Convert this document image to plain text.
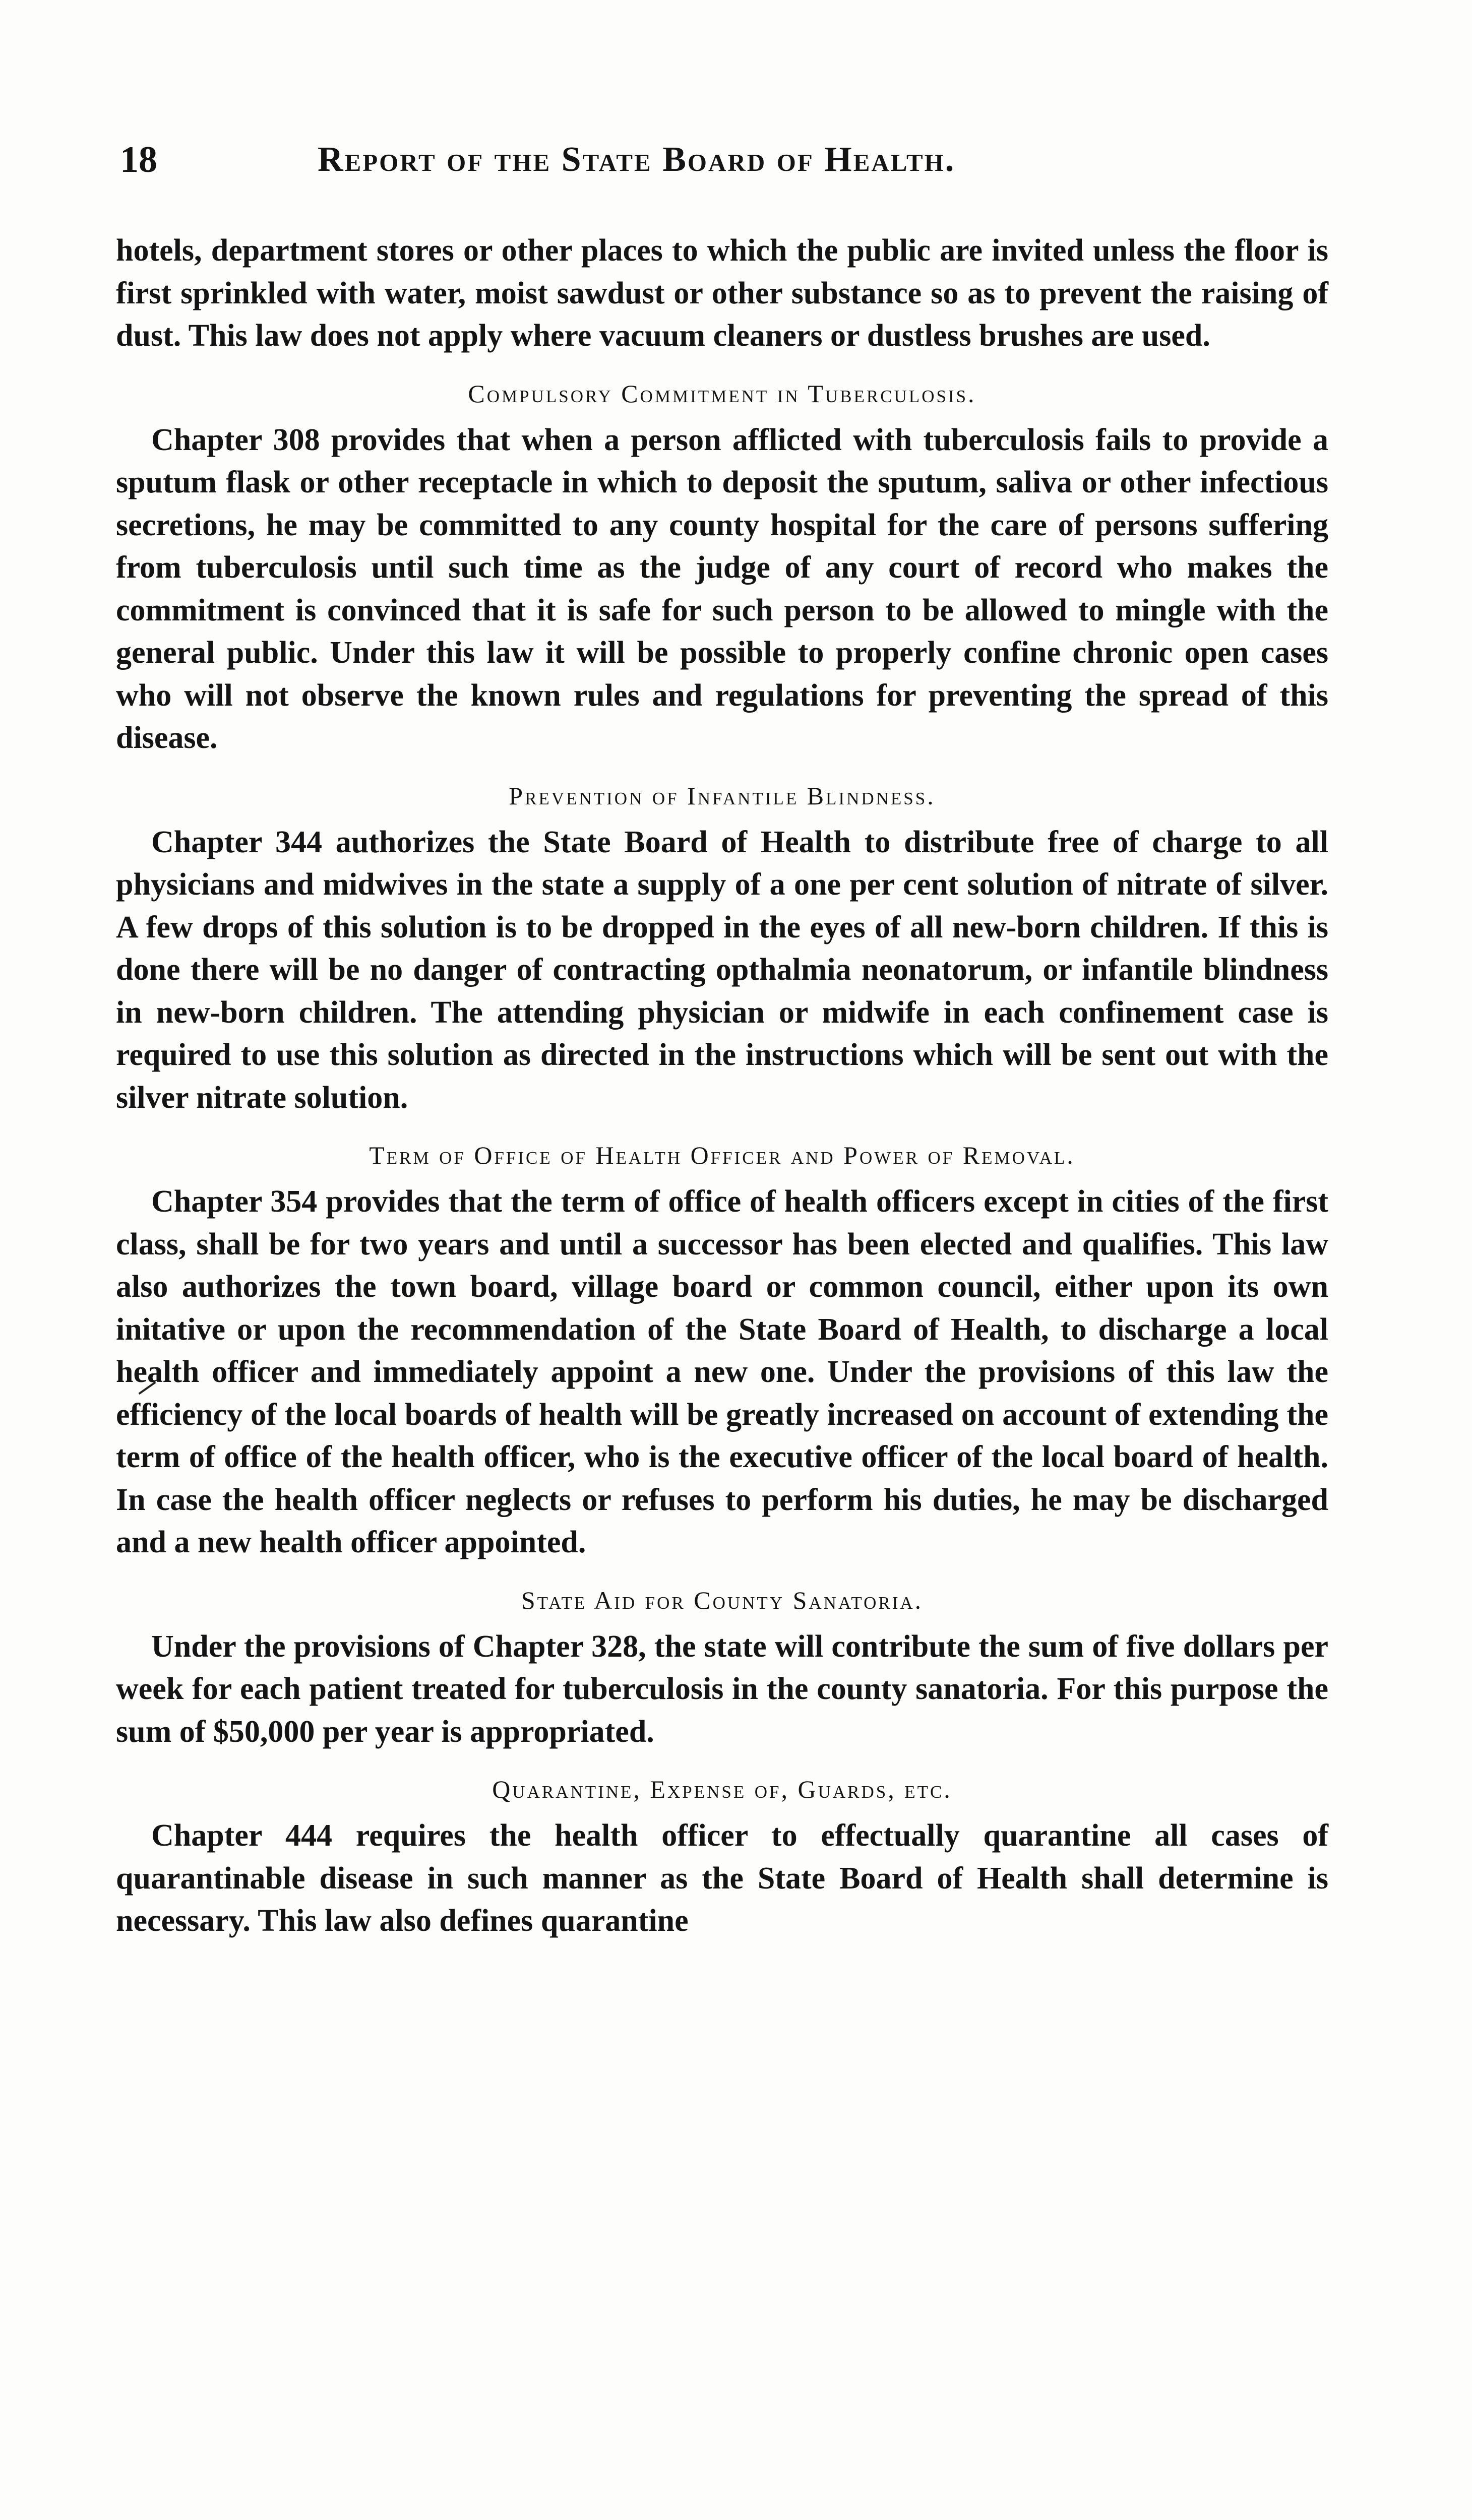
18	Report of the State Board of Health.

hotels, department stores or other places to which the public are invited unless the floor is first sprinkled with water, moist sawdust or other substance so as to prevent the raising of dust. This law does not apply where vacuum cleaners or dustless brushes are used.

Compulsory Commitment in Tuberculosis.

Chapter 308 provides that when a person afflicted with tuberculosis fails to provide a sputum flask or other receptacle in which to deposit the sputum, saliva or other infectious secretions, he may be committed to any county hospital for the care of persons suffering from tuberculosis until such time as the judge of any court of record who makes the commitment is convinced that it is safe for such person to be allowed to mingle with the general public. Under this law it will be possible to properly confine chronic open cases who will not observe the known rules and regulations for preventing the spread of this disease.

Prevention of Infantile Blindness.

Chapter 344 authorizes the State Board of Health to distribute free of charge to all physicians and midwives in the state a supply of a one per cent solution of nitrate of silver. A few drops of this solution is to be dropped in the eyes of all new-born children. If this is done there will be no danger of contracting opthalmia neonatorum, or infantile blindness in new-born children. The attending physician or midwife in each confinement case is required to use this solution as directed in the instructions which will be sent out with the silver nitrate solution.

Term of Office of Health Officer and Power of Removal.

Chapter 354 provides that the term of office of health officers except in cities of the first class, shall be for two years and until a successor has been elected and qualifies. This law also authorizes the town board, village board or common council, either upon its own initative or upon the recommendation of the State Board of Health, to discharge a local health officer and immediately appoint a new one. Under the provisions of this law the efficiency of the local boards of health will be greatly increased on account of extending the term of office of the health officer, who is the executive officer of the local board of health. In case the health officer neglects or refuses to perform his duties, he may be discharged and a new health officer appointed.

State Aid for County Sanatoria.

Under the provisions of Chapter 328, the state will contribute the sum of five dollars per week for each patient treated for tuberculosis in the county sanatoria. For this purpose the sum of $50,000 per year is appropriated.

Quarantine, Expense of, Guards, etc.

Chapter 444 requires the health officer to effectually quarantine all cases of quarantinable disease in such manner as the State Board of Health shall determine is necessary. This law also defines quarantine
